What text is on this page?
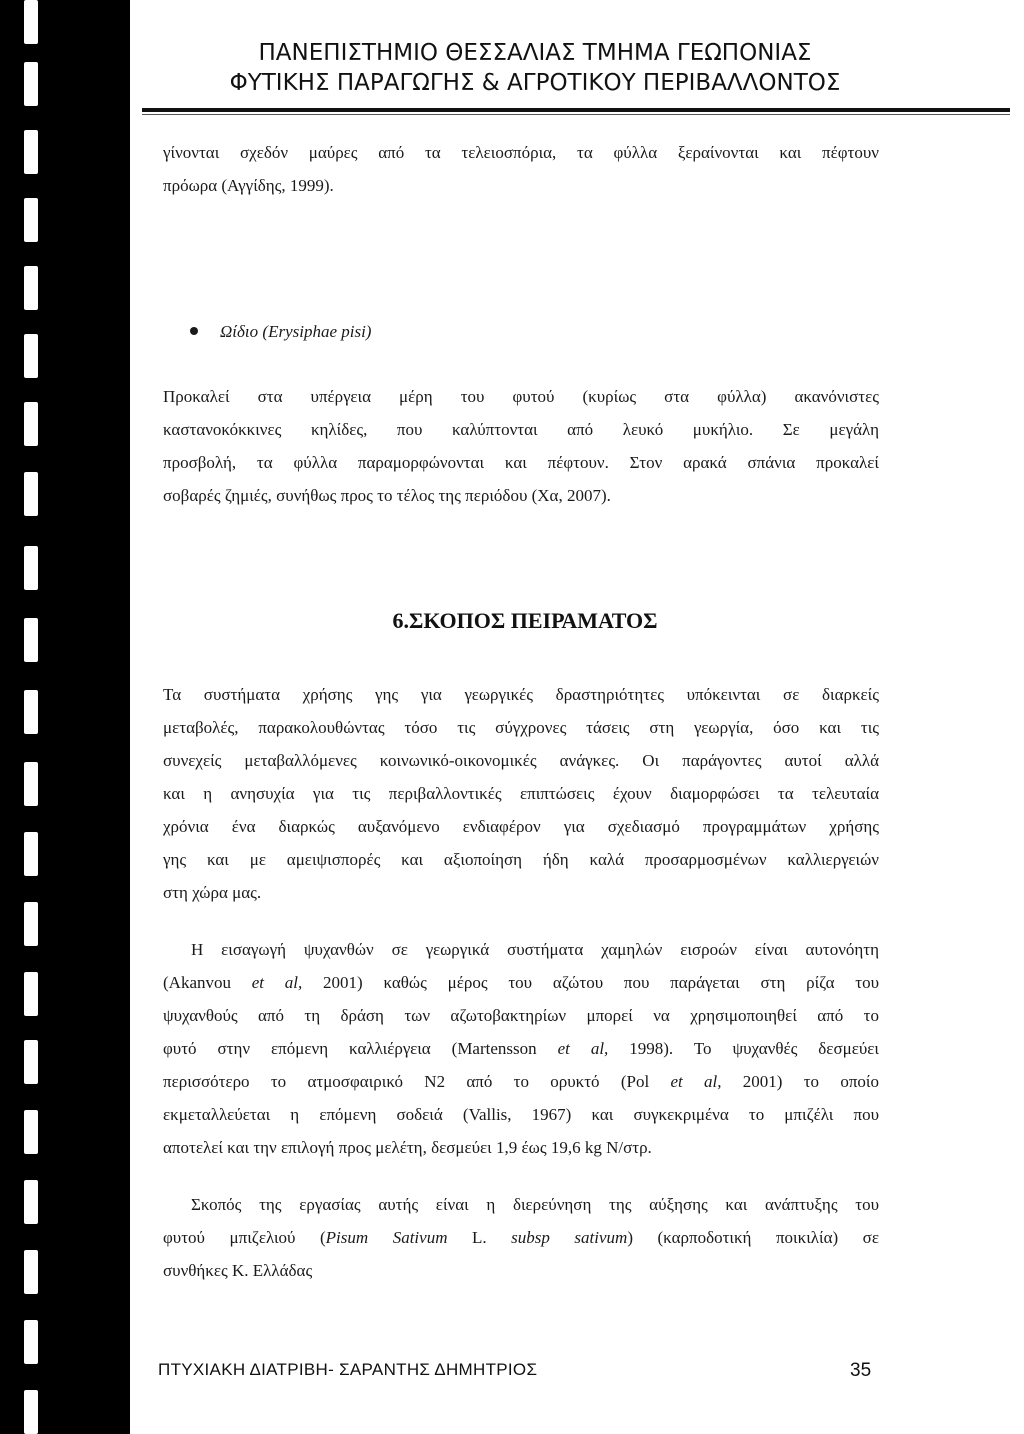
ΠΑΝΕΠΙΣΤΗΜΙΟ ΘΕΣΣΑΛΙΑΣ ΤΜΗΜΑ ΓΕΩΠΟΝΙΑΣ
ΦΥΤΙΚΗΣ ΠΑΡΑΓΩΓΗΣ & ΑΓΡΟΤΙΚΟΥ ΠΕΡΙΒΑΛΛΟΝΤΟΣ
γίνονται σχεδόν μαύρες από τα τελειοσπόρια, τα φύλλα ξεραίνονται και πέφτουν
πρόωρα (Αγγίδης, 1999).
Ωίδιο (Erysiphae pisi)
Προκαλεί στα υπέργεια μέρη του φυτού (κυρίως στα φύλλα) ακανόνιστες
καστανοκόκκινες κηλίδες, που καλύπτονται από λευκό μυκήλιο. Σε μεγάλη
προσβολή, τα φύλλα παραμορφώνονται και πέφτουν. Στον αρακά σπάνια προκαλεί
σοβαρές ζημιές, συνήθως προς το τέλος της περιόδου (Χα, 2007).
6.ΣΚΟΠΟΣ ΠΕΙΡΑΜΑΤΟΣ
Τα συστήματα χρήσης γης για γεωργικές δραστηριότητες υπόκεινται σε διαρκείς
μεταβολές, παρακολουθώντας τόσο τις σύγχρονες τάσεις στη γεωργία, όσο και τις
συνεχείς μεταβαλλόμενες κοινωνικό-οικονομικές ανάγκες. Οι παράγοντες αυτοί αλλά
και η ανησυχία για τις περιβαλλοντικές επιπτώσεις έχουν διαμορφώσει τα τελευταία
χρόνια ένα διαρκώς αυξανόμενο ενδιαφέρον για σχεδιασμό προγραμμάτων χρήσης
γης και με αμειψισπορές και αξιοποίηση ήδη καλά προσαρμοσμένων καλλιεργειών
στη χώρα μας.
Η εισαγωγή ψυχανθών σε γεωργικά συστήματα χαμηλών εισροών είναι αυτονόητη
(Akanvou et al, 2001) καθώς μέρος του αζώτου που παράγεται στη ρίζα του
ψυχανθούς από τη δράση των αζωτοβακτηρίων μπορεί να χρησιμοποιηθεί από το
φυτό στην επόμενη καλλιέργεια (Martensson et al, 1998). Το ψυχανθές δεσμεύει
περισσότερο το ατμοσφαιρικό N2 από το ορυκτό (Pol et al, 2001) το οποίο
εκμεταλλεύεται η επόμενη σοδειά (Vallis, 1967) και συγκεκριμένα το μπιζέλι που
αποτελεί και την επιλογή προς μελέτη, δεσμεύει 1,9 έως 19,6 kg N/στρ.
Σκοπός της εργασίας αυτής είναι η διερεύνηση της αύξησης και ανάπτυξης του
φυτού μπιζελιού (Pisum Sativum L. subsp sativum) (καρποδοτική ποικιλία) σε
συνθήκες Κ. Ελλάδας
ΠΤΥΧΙΑΚΗ ΔΙΑΤΡΙΒΗ- ΣΑΡΑΝΤΗΣ ΔΗΜΗΤΡΙΟΣ	35
